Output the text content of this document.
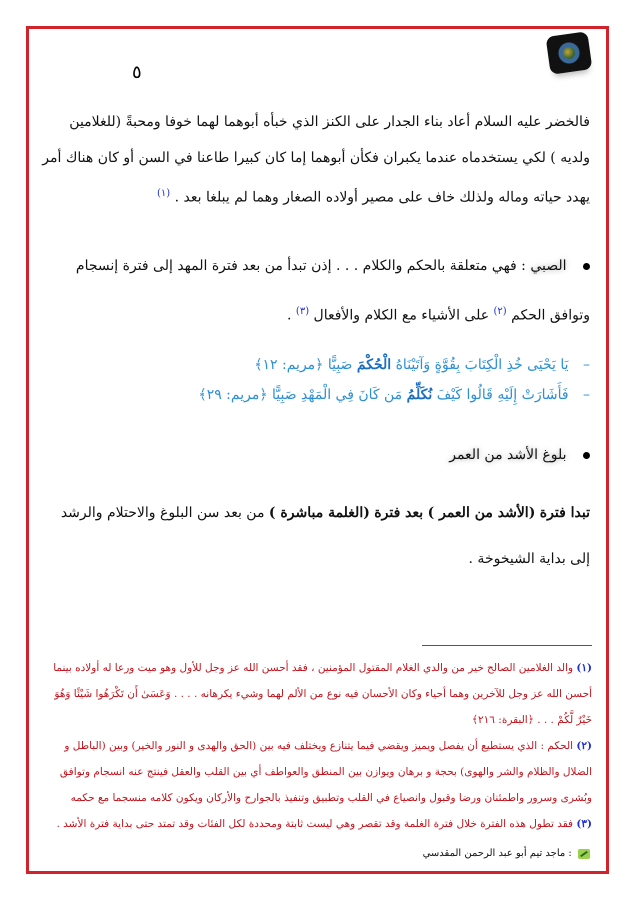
٥
فالخضر عليه السلام أعاد بناء الجدار على الكنز الذي خبأه أبوهما لهما خوفا ومحبةً (للغلامين ولديه ) لكي يستخدماه عندما يكبران فكأن أبوهما إما كان كبيرا طاعنا في السن أو كان هناك أمر يهدد حياته وماله ولذلك خاف على مصير أولاده الصغار وهما لم يبلغا بعد . $^{(١)}$
الصبي : فهي متعلقة بالحكم والكلام . . . إذن تبدأ من بعد فترة المهد إلى فترة إنسجام وتوافق الحكم $^{(٢)}$ على الأشياء مع الكلام والأفعال $^{(٣)}$ .
– يَا يَحْيَى خُذِ الْكِتَابَ بِقُوَّةٍ وَآتَيْنَاهُ الْحُكْمَ صَبِيًّا ﴿مريم: ١٢﴾
– فَأَشَارَتْ إِلَيْهِ قَالُوا كَيْفَ نُكَلِّمُ مَن كَانَ فِي الْمَهْدِ صَبِيًّا ﴿مريم: ٢٩﴾
بلوغ الأشد من العمر
تبدا فترة (الأشد من العمر ) بعد فترة (الغلمة مباشرة ) من بعد سن البلوغ والاحتلام والرشد إلى بداية الشيخوخة .
(١) والد الغلامين الصالح خير من والدي الغلام المقتول المؤمنين ، فقد أحسن الله عز وجل للأول وهو ميت ورعا له أولاده بينما أحسن الله عز وجل للآخرين وهما أحياء وكان الأحسان فيه نوع من الألم لهما وشيء يكرهانه . . . . وَعَسَىٰ أَن تَكْرَهُوا شَيْئًا وَهُوَ خَيْرٌ لَّكُمْ . . . ﴿البقرة: ٢١٦﴾
(٢) الحكم : الذي يستطيع أن يفصل ويميز ويقضي فيما يتنازع ويختلف فيه بين (الحق والهدى و النور والخير) وبين (الباطل و الضلال والظلام والشر والهوى) بحجة و برهان ويوازن بين المنطق والعواطف أي بين القلب والعقل فينتج عنه انسجام وتوافق وبُشرى وسرور واطمئنان ورضا وقبول وانصياع في القلب وتطبيق وتنفيذ بالجوارح والأركان ويكون كلامه منسجما مع حكمه
(٣) فقد تطول هذه الفترة خلال فترة الغلمة وقد تقصر وهي ليست ثابتة ومحددة لكل الفئات وقد تمتد حتى بداية فترة الأشد .
: ماجد تيم أبو عبد الرحمن المقدسي
